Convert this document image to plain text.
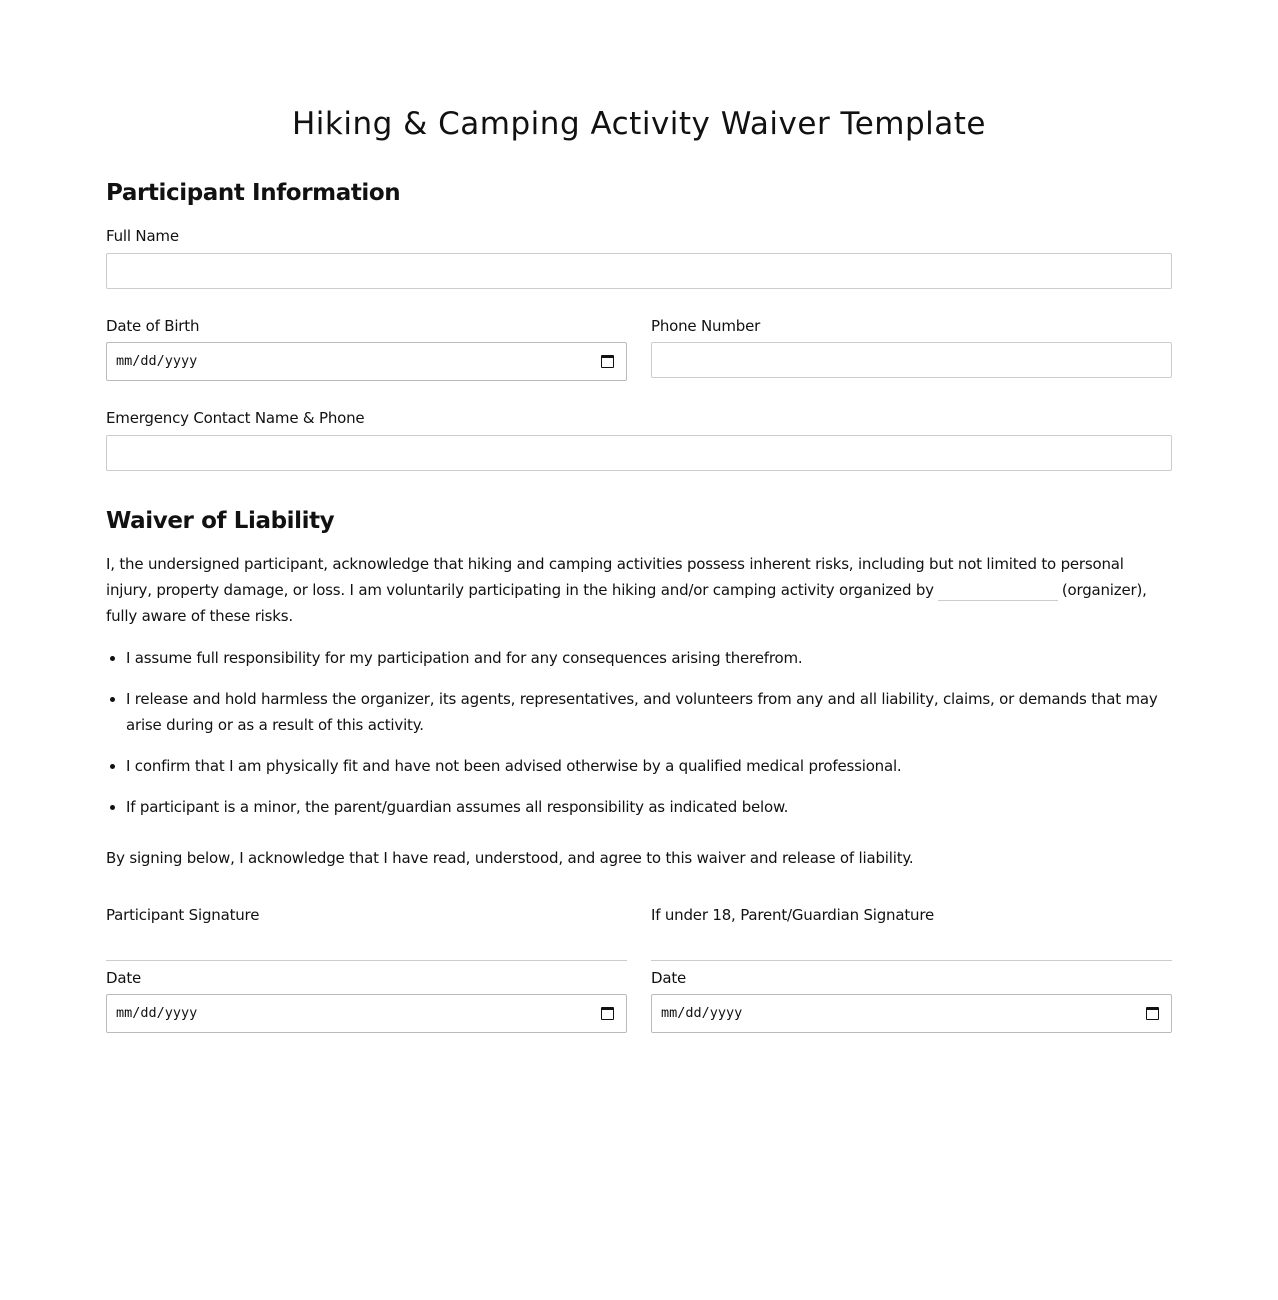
Hiking & Camping Activity Waiver Template
Participant Information
Full Name
Date of Birth
mm/dd/yyyy
Phone Number
Emergency Contact Name & Phone
Waiver of Liability

I, the undersigned participant, acknowledge that hiking and camping activities possess inherent risks, including but not limited to personal injury, property damage, or loss. I am voluntarily participating in the hiking and/or camping activity organized by	(organizer), fully aware of these risks.

• I assume full responsibility for my participation and for any consequences arising therefrom.
• I release and hold harmless the organizer, its agents, representatives, and volunteers from any and all liability, claims, or demands that may arise during or as a result of this activity.
• I confirm that I am physically fit and have not been advised otherwise by a qualified medical professional.
• If participant is a minor, the parent/guardian assumes all responsibility as indicated below.

By signing below, I acknowledge that I have read, understood, and agree to this waiver and release of liability.

Participant Signature	If under 18, Parent/Guardian Signature
Date
mm/dd/yyyy
Date
mm/dd/yyyy
